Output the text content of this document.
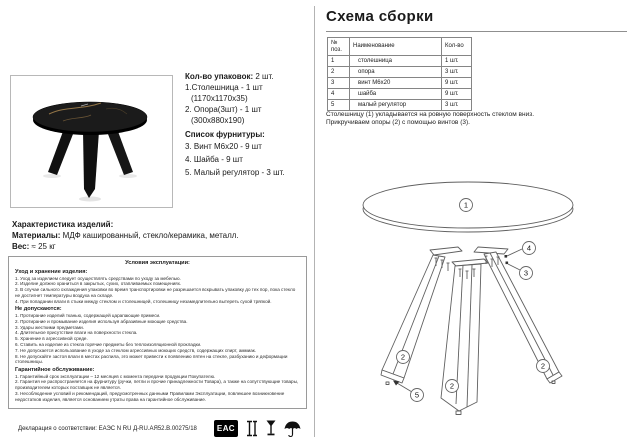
Схема сборки
№ поз.	Наименование	Кол-во
1	столешница	1 шт.
2	опора	3 шт.
3	винт М6х20	9 шт.
4	шайба	9 шт.
5	малый регулятор	3 шт.
Столешницу (1) укладывается на ровную поверхность стеклом вниз.
Прикручиваем опоры (2) с помощью винтов (3).
1
4
3
2
2
2
5
Кол-во упаковок: 2 шт.
1.Столешница - 1 шт
(1170х1170х35)
2. Опора(3шт) - 1 шт
(300х880х190)
Список фурнитуры:
3. Винт М6х20 - 9 шт
4. Шайба - 9 шт
5. Малый регулятор - 3 шт.
Характеристика изделий:
Материалы: МДФ кашированный, стекло/керамика, металл.
Вес: ≈ 25 кг
Условия эксплуатации:
Уход и хранение изделия:
1. Уход за изделием следует осуществлять средствами по уходу за мебелью.
2. Изделие должно храниться в закрытых, сухих, отапливаемых помещениях.
3. В случае сильного охлаждения упаковки во время транспортировки не разрешается вскрывать упаковку до тех пор, пока стекло не достигнет температуры воздуха на складе.
4. При попадании влаги в стыки между стеклом и столешницей, столешницу незамедлительно вытереть сухой тряпкой.
Не допускаются:
1. Протирание изделий тканью, содержащей царапающие примеси.
2. Протирание и промывание изделия используя абразивные моющие средства.
3. Удары жесткими предметами.
4. Длительное присутствие влаги на поверхности стекла.
5. Хранение в агрессивной среде.
6. Ставить на изделие из стекла горячие предметы без теплоизоляционной прокладки.
7. Не допускается использование в уходе за стеклом агрессивных моющих средств, содержащих спирт, аммиак.
8. Не допускайте застоя влаги в местах распила, это может привести к появлению пятен на стекле, разбуханию и деформации столешницы.
Гарантийное обслуживание:
1. Гарантийный срок эксплуатации – 12 месяцев с момента передачи продукции Покупателю.
2. Гарантия не распространяется на фурнитуру (ручки, петли и прочие принадлежности Товара), а также на сопутствующие товары, производителем которых поставщик не является.
3. Несоблюдение условий и рекомендаций, предусмотренных данными Правилами Эксплуатации, повлекшее возникновение недостатков изделия, является основанием утраты права на гарантийное обслуживание.
Декларация о соответствии: ЕАЭС N RU Д-RU.АЯ52.В.00275/18	ЕАС
